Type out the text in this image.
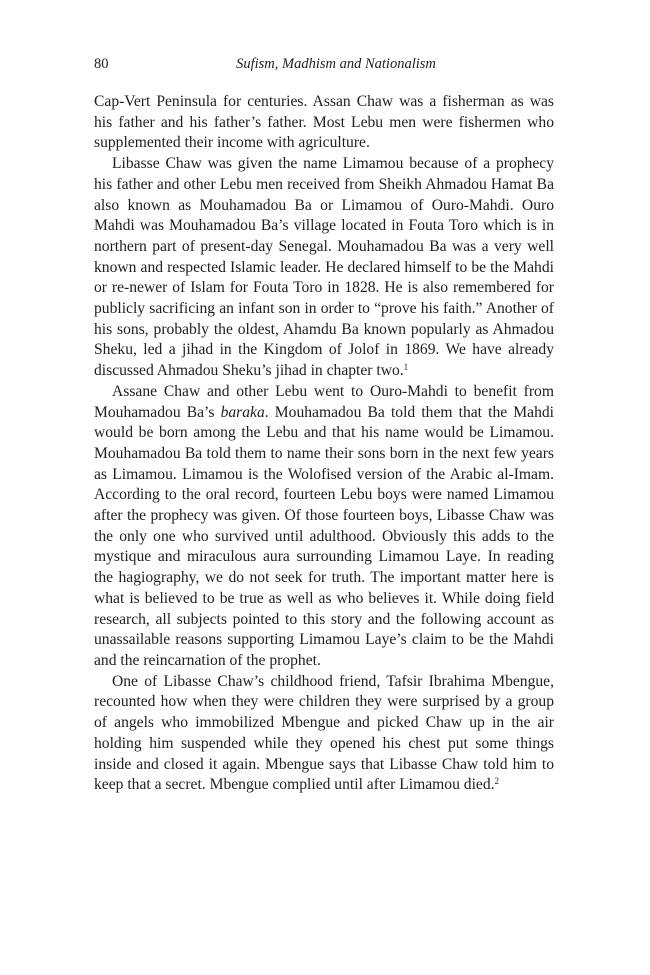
80	Sufism, Madhism and Nationalism

Cap-Vert Peninsula for centuries. Assan Chaw was a fisherman as was his father and his father’s father. Most Lebu men were fishermen who supplemented their income with agriculture.

Libasse Chaw was given the name Limamou because of a prophecy his father and other Lebu men received from Sheikh Ahmadou Hamat Ba also known as Mouhamadou Ba or Limamou of Ouro-Mahdi. Ouro Mahdi was Mouhamadou Ba’s village located in Fouta Toro which is in northern part of present-day Senegal. Mouhamadou Ba was a very well known and respected Islamic leader. He declared himself to be the Mahdi or re-newer of Islam for Fouta Toro in 1828. He is also remembered for publicly sacrificing an infant son in order to “prove his faith.” Another of his sons, probably the oldest, Ahamdu Ba known popularly as Ahmadou Sheku, led a jihad in the Kingdom of Jolof in 1869. We have already discussed Ahmadou Sheku’s jihad in chapter two.$^1$

Assane Chaw and other Lebu went to Ouro-Mahdi to benefit from Mouhamadou Ba’s baraka. Mouhamadou Ba told them that the Mahdi would be born among the Lebu and that his name would be Limamou. Mouhamadou Ba told them to name their sons born in the next few years as Limamou. Limamou is the Wolofised version of the Arabic al-Imam. According to the oral record, fourteen Lebu boys were named Limamou after the prophecy was given. Of those fourteen boys, Libasse Chaw was the only one who survived until adulthood. Obviously this adds to the mystique and miraculous aura surrounding Limamou Laye. In reading the hagiography, we do not seek for truth. The important matter here is what is believed to be true as well as who believes it. While doing field research, all subjects pointed to this story and the following account as unassailable reasons supporting Limamou Laye’s claim to be the Mahdi and the reincarnation of the prophet.

One of Libasse Chaw’s childhood friend, Tafsir Ibrahima Mbengue, recounted how when they were children they were surprised by a group of angels who immobilized Mbengue and picked Chaw up in the air holding him suspended while they opened his chest put some things inside and closed it again. Mbengue says that Libasse Chaw told him to keep that a secret. Mbengue complied until after Limamou died.$^2$
